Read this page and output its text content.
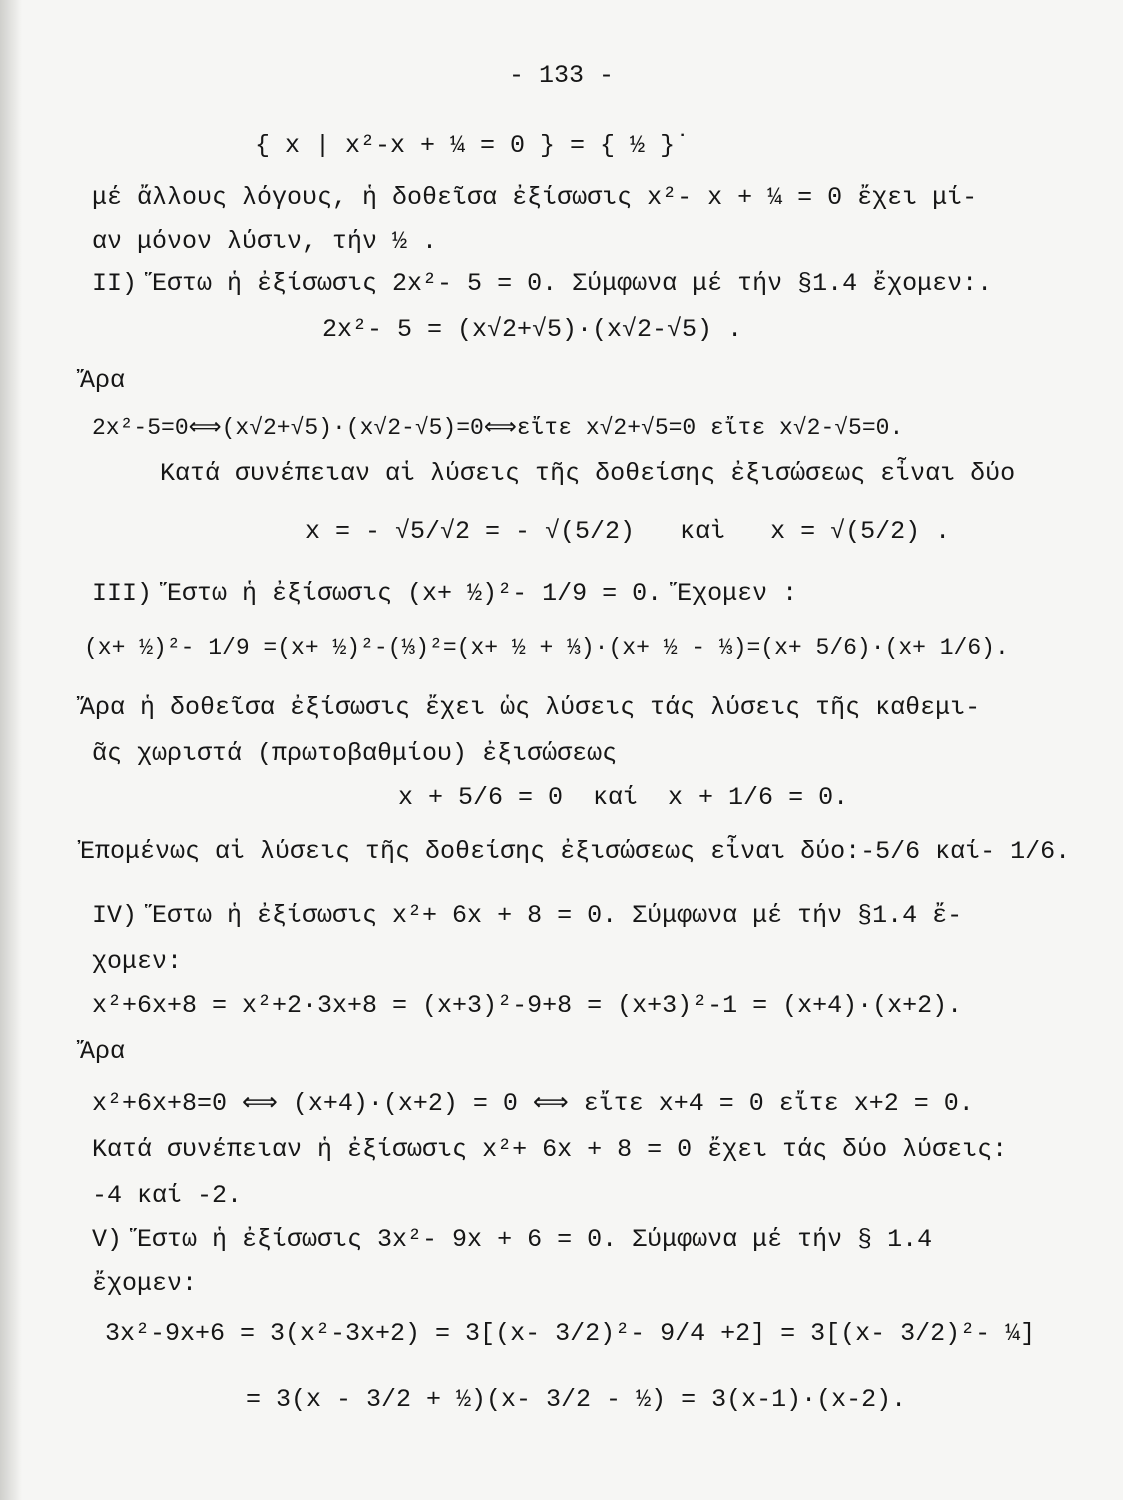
- 133 -
{ x | x²-x + ¼ = 0 } = { ½ }˙
μέ ἄλλους λόγους, ἡ δοθεῖσα ἐξίσωσις x²- x + ¼ = 0 ἔχει μί-
αν μόνον λύσιν, τήν ½ .
II) Ἕστω ἡ ἐξίσωσις 2x²- 5 = 0. Σύμφωνα μέ τήν §1.4 ἔχομεν:.
2x²- 5 = (x√2+√5)·(x√2-√5) .
Ἄρα
2x²-5=0⟺(x√2+√5)·(x√2-√5)=0⟺εἴτε x√2+√5=0 εἴτε x√2-√5=0.
Κατά συνέπειαν αἱ λύσεις τῆς δοθείσης ἐξισώσεως εἶναι δύο
x = - √5/√2 = - √(5/2)   καὶ   x = √(5/2) .
III) Ἕστω ἡ ἐξίσωσις (x+ ½)²- 1/9 = 0. Ἕχομεν :
(x+ ½)²- 1/9 =(x+ ½)²-(⅓)²=(x+ ½ + ⅓)·(x+ ½ - ⅓)=(x+ 5/6)·(x+ 1/6).
Ἄρα ἡ δοθεῖσα ἐξίσωσις ἔχει ὡς λύσεις τάς λύσεις τῆς καθεμι-
ᾶς χωριστά (πρωτοβαθμίου) ἐξισώσεως
x + 5/6 = 0  καί  x + 1/6 = 0.
Ἐπομένως αἱ λύσεις τῆς δοθείσης ἐξισώσεως εἶναι δύο:-5/6 καί- 1/6.
IV) Ἕστω ἡ ἐξίσωσις x²+ 6x + 8 = 0. Σύμφωνα μέ τήν §1.4 ἔ-
χομεν:
x²+6x+8 = x²+2·3x+8 = (x+3)²-9+8 = (x+3)²-1 = (x+4)·(x+2).
Ἄρα
x²+6x+8=0 ⟺ (x+4)·(x+2) = 0 ⟺ εἴτε x+4 = 0 εἴτε x+2 = 0.
Κατά συνέπειαν ἡ ἐξίσωσις x²+ 6x + 8 = 0 ἔχει τάς δύο λύσεις:
-4 καί -2.
V) Ἕστω ἡ ἐξίσωσις 3x²- 9x + 6 = 0. Σύμφωνα μέ τήν § 1.4
ἔχομεν:
3x²-9x+6 = 3(x²-3x+2) = 3[(x- 3/2)²- 9/4 +2] = 3[(x- 3/2)²- ¼]
= 3(x - 3/2 + ½)(x- 3/2 - ½) = 3(x-1)·(x-2).
